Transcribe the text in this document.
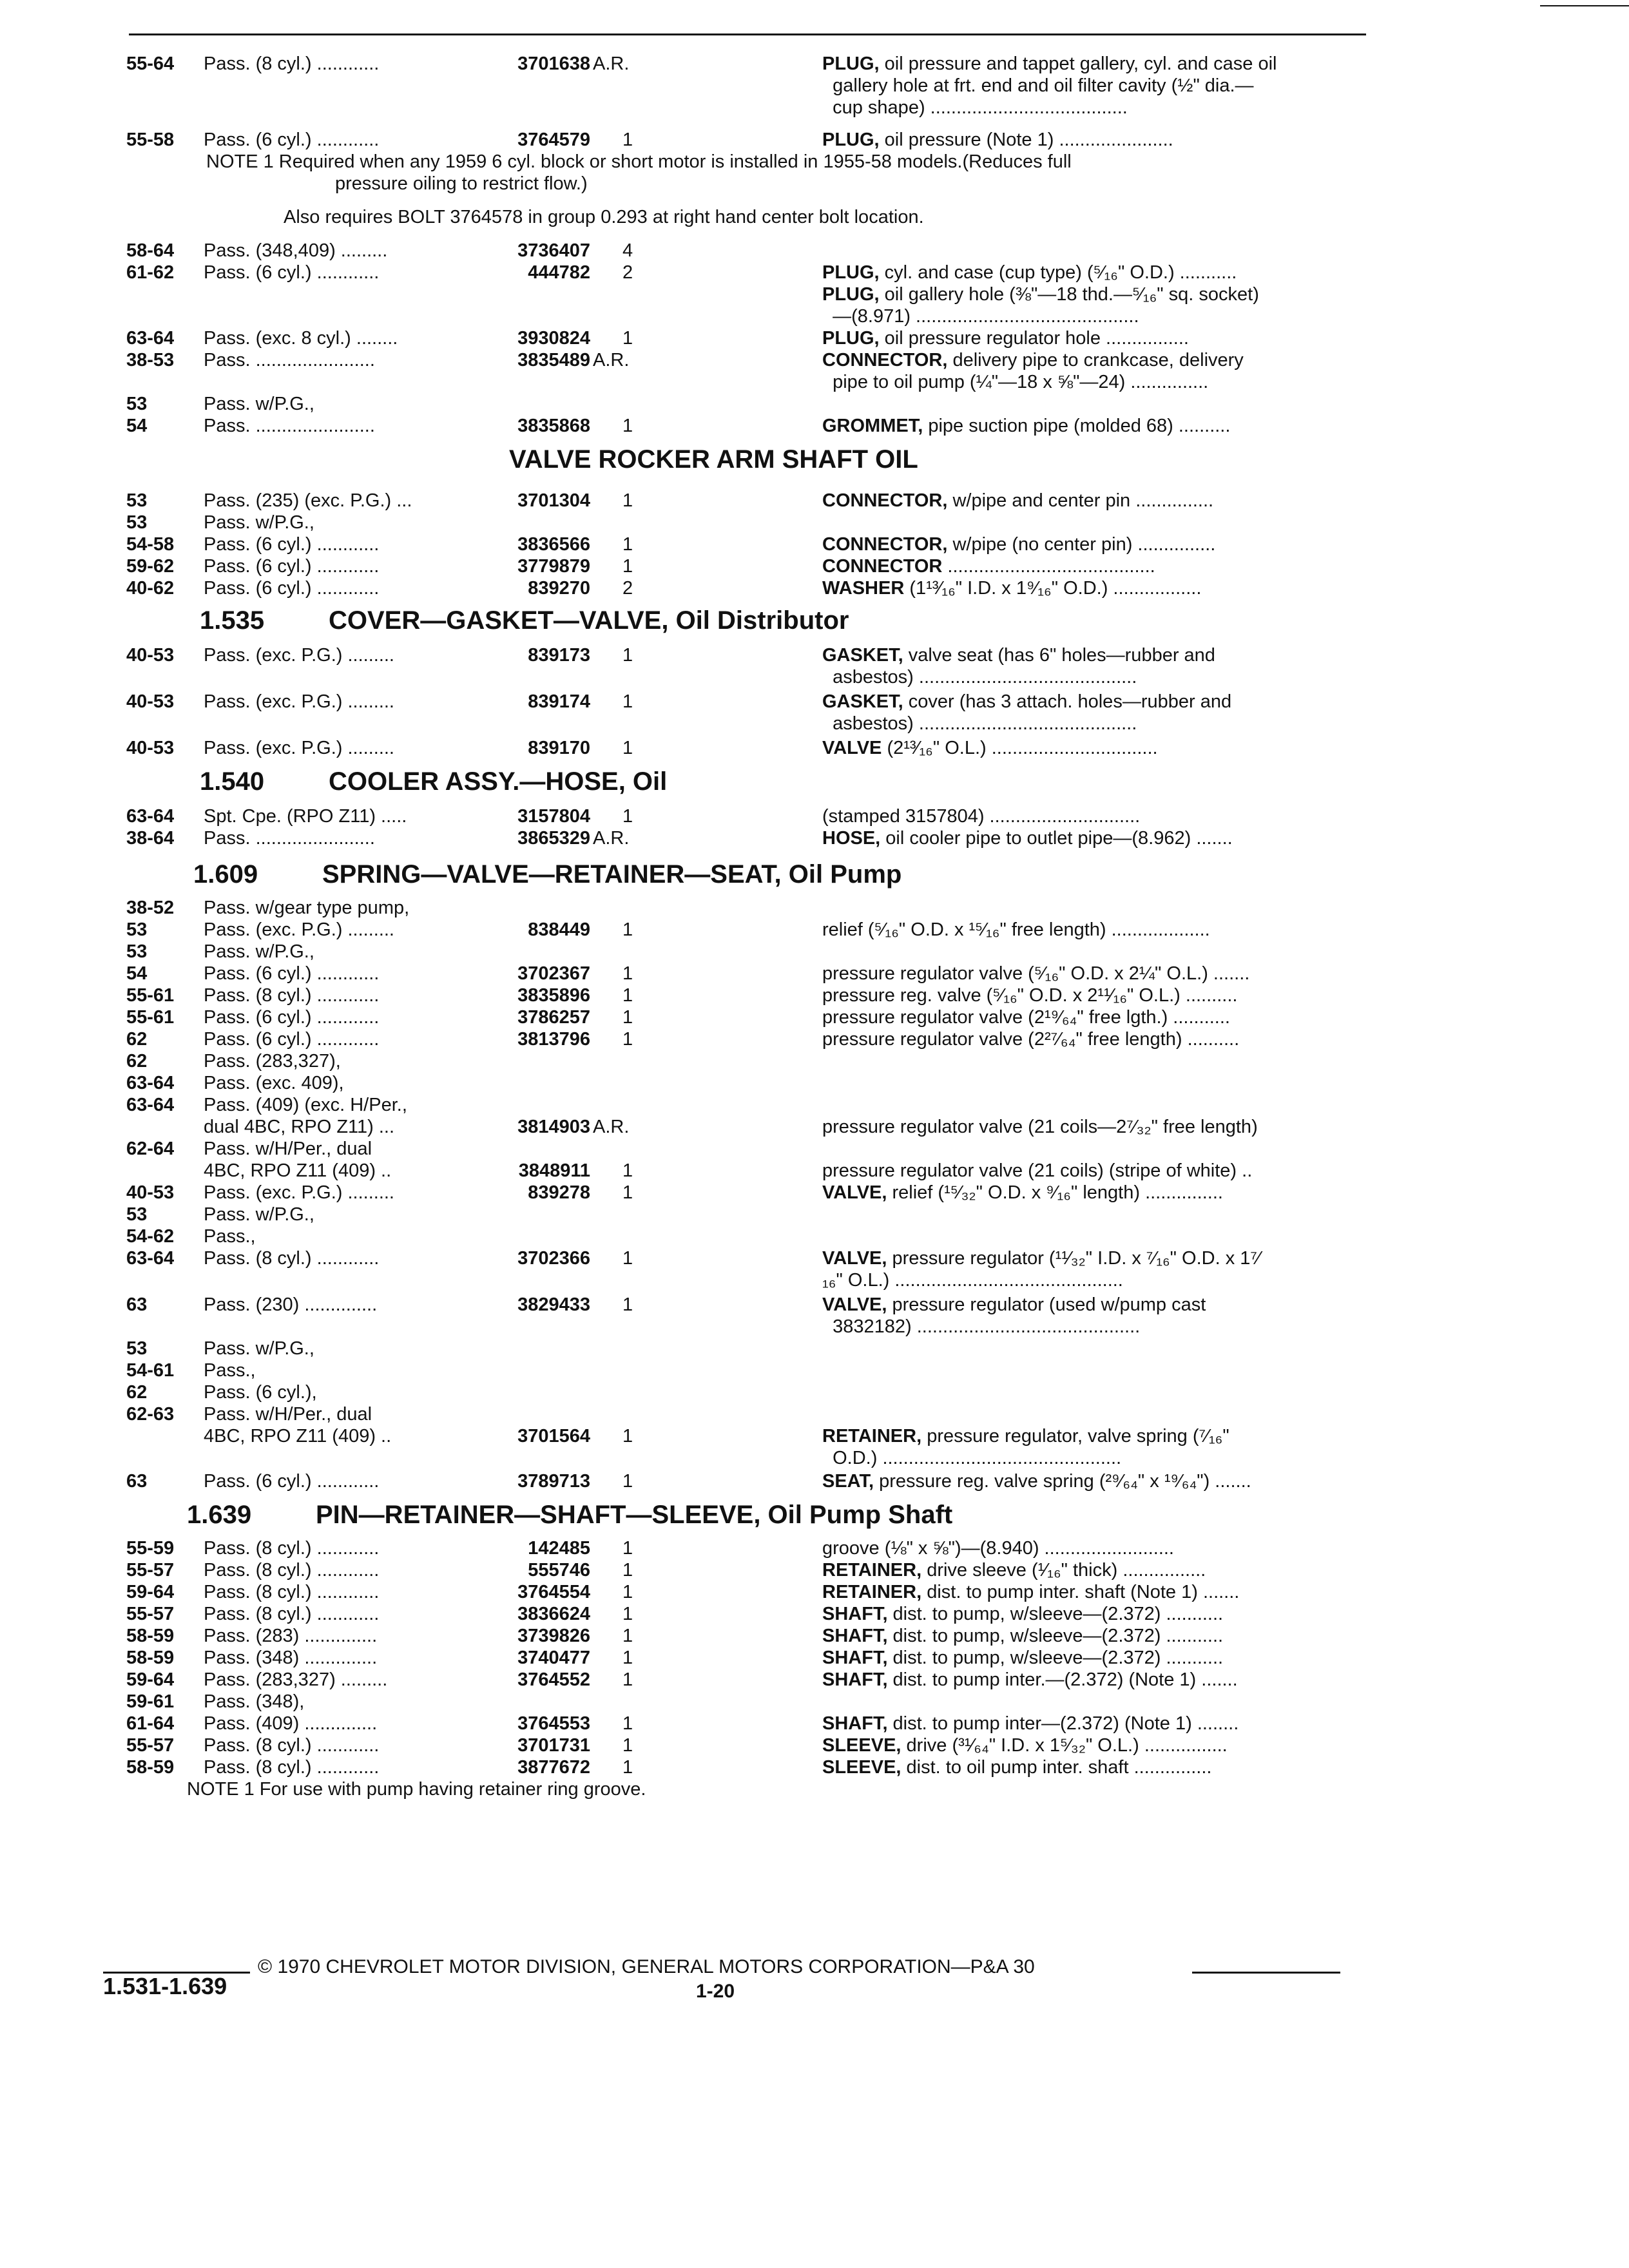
55-64 Pass. (8 cyl.) ............	3701638 A.R.	PLUG, oil pressure and tappet gallery, cyl. and case oil
gallery hole at frt. end and oil filter cavity (½" dia.—
cup shape) ......................................
55-58 Pass. (6 cyl.) ............	3764579 1	PLUG, oil pressure (Note 1) ......................
58-64 Pass. (348,409) .........	3736407 4
61-62 Pass. (6 cyl.) ............	444782 2	PLUG, cyl. and case (cup type) (⁵⁄₁₆" O.D.) ...........
PLUG, oil gallery hole (⅜"—18 thd.—⁵⁄₁₆" sq. socket)
—(8.971) ...........................................
63-64 Pass. (exc. 8 cyl.) ........	3930824 1	PLUG, oil pressure regulator hole ................
38-53 Pass. .......................	3835489 A.R.	CONNECTOR, delivery pipe to crankcase, delivery
pipe to oil pump (¼"—18 x ⅝"—24) ...............
53	Pass. w/P.G.,
54	Pass. .......................	3835868 1	GROMMET, pipe suction pipe (molded 68) ..........
53	Pass. (235) (exc. P.G.) ...	3701304 1	CONNECTOR, w/pipe and center pin ...............
53	Pass. w/P.G.,
54-58 Pass. (6 cyl.) ............	3836566 1	CONNECTOR, w/pipe (no center pin) ...............
59-62 Pass. (6 cyl.) ............	3779879 1	CONNECTOR ........................................
40-62 Pass. (6 cyl.) ............	839270 2	WASHER (1¹³⁄₁₆" I.D. x 1⁹⁄₁₆" O.D.) .................
40-53 Pass. (exc. P.G.) .........	839173 1	GASKET, valve seat (has 6" holes—rubber and
asbestos) ..........................................
40-53 Pass. (exc. P.G.) .........	839174 1	GASKET, cover (has 3 attach. holes—rubber and
asbestos) ..........................................
40-53 Pass. (exc. P.G.) .........	839170 1	VALVE (2¹³⁄₁₆" O.L.) ................................
63-64 Spt. Cpe. (RPO Z11) .....	3157804 1	(stamped 3157804) .............................
38-64 Pass. .......................	3865329 A.R.	HOSE, oil cooler pipe to outlet pipe—(8.962) .......
38-52 Pass. w/gear type pump,
53	Pass. (exc. P.G.) .........	838449 1	relief (⁵⁄₁₆" O.D. x ¹⁵⁄₁₆" free length) ...................
53	Pass. w/P.G.,
54	Pass. (6 cyl.) ............	3702367 1	pressure regulator valve (⁵⁄₁₆" O.D. x 2¼" O.L.) .......
55-61 Pass. (8 cyl.) ............	3835896 1	pressure reg. valve (⁵⁄₁₆" O.D. x 2¹¹⁄₁₆" O.L.) ..........
55-61 Pass. (6 cyl.) ............	3786257 1	pressure regulator valve (2¹⁹⁄₆₄" free lgth.) ...........
62	Pass. (6 cyl.) ............	3813796 1	pressure regulator valve (2²⁷⁄₆₄" free length) ..........
62	Pass. (283,327),
63-64 Pass. (exc. 409),
63-64 Pass. (409) (exc. H/Per.,
dual 4BC, RPO Z11) ...	3814903 A.R.	pressure regulator valve (21 coils—2⁷⁄₃₂" free length)
62-64 Pass. w/H/Per., dual
4BC, RPO Z11 (409) ..	3848911 1	pressure regulator valve (21 coils) (stripe of white) ..
40-53 Pass. (exc. P.G.) .........	839278 1	VALVE, relief (¹⁵⁄₃₂" O.D. x ⁹⁄₁₆" length) ...............
53	Pass. w/P.G.,
54-62 Pass.,
63-64 Pass. (8 cyl.) ............	3702366 1	VALVE, pressure regulator (¹¹⁄₃₂" I.D. x ⁷⁄₁₆" O.D. x 1⁷⁄
₁₆" O.L.) ............................................
63	Pass. (230) ..............	3829433 1	VALVE, pressure regulator (used w/pump cast
3832182) ...........................................
53	Pass. w/P.G.,
54-61 Pass.,
62	Pass. (6 cyl.),
62-63 Pass. w/H/Per., dual
4BC, RPO Z11 (409) ..	3701564 1	RETAINER, pressure regulator, valve spring (⁷⁄₁₆"
O.D.) ..............................................
63	Pass. (6 cyl.) ............	3789713 1	SEAT, pressure reg. valve spring (²⁹⁄₆₄" x ¹⁹⁄₆₄") .......
55-59 Pass. (8 cyl.) ............	142485 1	groove (⅛" x ⅝")—(8.940) .........................
55-57 Pass. (8 cyl.) ............	555746 1	RETAINER, drive sleeve (¹⁄₁₆" thick) ................
59-64 Pass. (8 cyl.) ............	3764554 1	RETAINER, dist. to pump inter. shaft (Note 1) .......
55-57 Pass. (8 cyl.) ............	3836624 1	SHAFT, dist. to pump, w/sleeve—(2.372) ...........
58-59 Pass. (283) ..............	3739826 1	SHAFT, dist. to pump, w/sleeve—(2.372) ...........
58-59 Pass. (348) ..............	3740477 1	SHAFT, dist. to pump, w/sleeve—(2.372) ...........
59-64 Pass. (283,327) .........	3764552 1	SHAFT, dist. to pump inter.—(2.372) (Note 1) .......
59-61 Pass. (348),
61-64 Pass. (409) ..............	3764553 1	SHAFT, dist. to pump inter—(2.372) (Note 1) ........
55-57 Pass. (8 cyl.) ............	3701731 1	SLEEVE, drive (³¹⁄₆₄" I.D. x 1⁵⁄₃₂" O.L.) ................
58-59 Pass. (8 cyl.) ............	3877672 1	SLEEVE, dist. to oil pump inter. shaft ...............
NOTE 1 Required when any 1959 6 cyl. block or short motor is installed in 1955-58 models.(Reduces full
pressure oiling to restrict flow.)
Also requires BOLT 3764578 in group 0.293 at right hand center bolt location.
NOTE 1 For use with pump having retainer ring groove.
VALVE ROCKER ARM SHAFT OIL
1.535 COVER—GASKET—VALVE, Oil Distributor
1.540 COOLER ASSY.—HOSE, Oil
1.609 SPRING—VALVE—RETAINER—SEAT, Oil Pump
1.639 PIN—RETAINER—SHAFT—SLEEVE, Oil Pump Shaft
© 1970 CHEVROLET MOTOR DIVISION, GENERAL MOTORS CORPORATION—P&A 30
1.531-1.639	1-20
